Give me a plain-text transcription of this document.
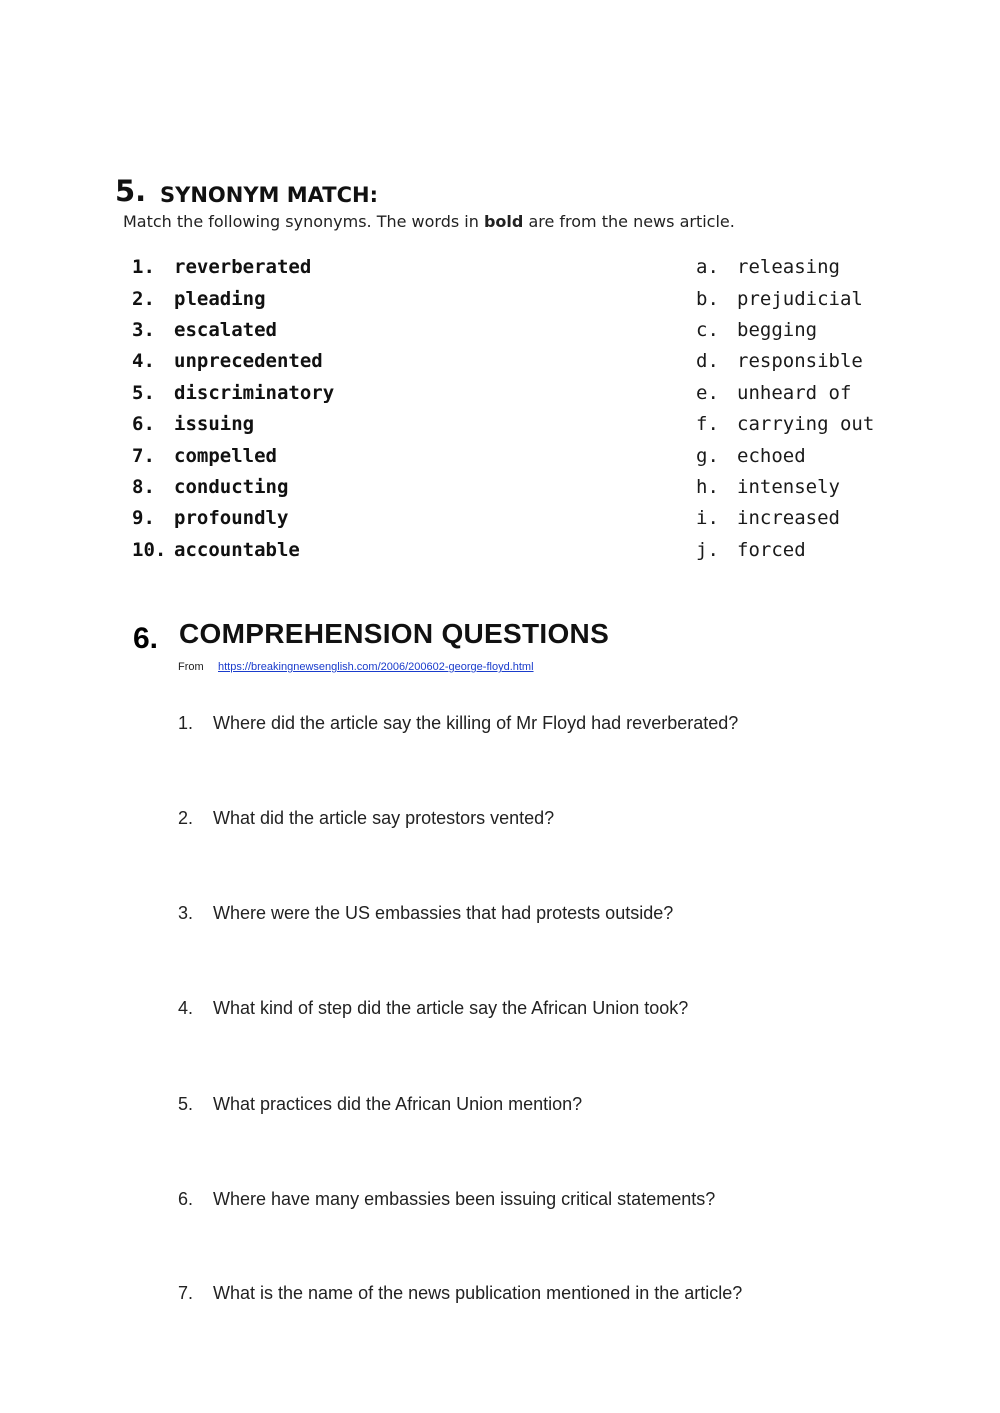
5. SYNONYM MATCH:
Match the following synonyms. The words in bold are from the news article.
1. reverberated	a. releasing
2. pleading	b. prejudicial
3. escalated	c. begging
4. unprecedented	d. responsible
5. discriminatory	e. unheard of
6. issuing	f. carrying out
7. compelled	g. echoed
8. conducting	h. intensely
9. profoundly	i. increased
10. accountable	j. forced
6. COMPREHENSION QUESTIONS
From https://breakingnewsenglish.com/2006/200602-george-floyd.html
1. Where did the article say the killing of Mr Floyd had reverberated?
2. What did the article say protestors vented?
3. Where were the US embassies that had protests outside?
4. What kind of step did the article say the African Union took?
5. What practices did the African Union mention?
6. Where have many embassies been issuing critical statements?
7. What is the name of the news publication mentioned in the article?
